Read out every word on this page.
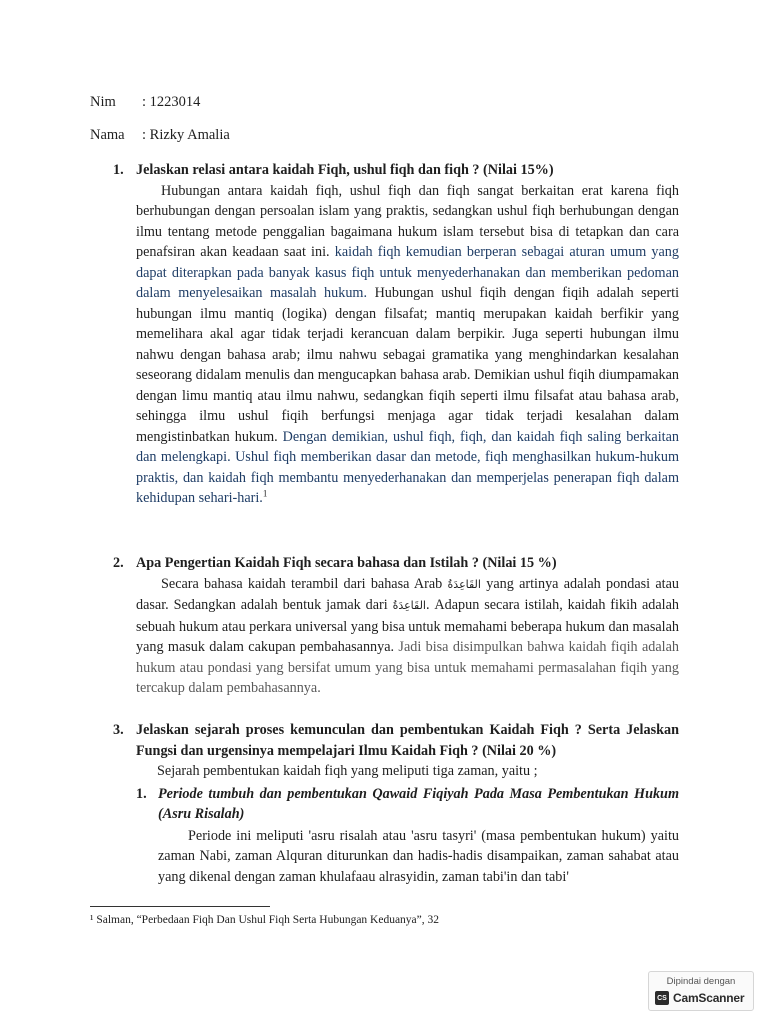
Nim : 1223014
Nama : Rizky Amalia
1. Jelaskan relasi antara kaidah Fiqh, ushul fiqh dan fiqh ? (Nilai 15%)
Hubungan antara kaidah fiqh, ushul fiqh dan fiqh sangat berkaitan erat karena fiqh berhubungan dengan persoalan islam yang praktis, sedangkan ushul fiqh berhubungan dengan ilmu tentang metode penggalian bagaimana hukum islam tersebut bisa di tetapkan dan cara penafsiran akan keadaan saat ini. kaidah fiqh kemudian berperan sebagai aturan umum yang dapat diterapkan pada banyak kasus fiqh untuk menyederhanakan dan memberikan pedoman dalam menyelesaikan masalah hukum. Hubungan ushul fiqih dengan fiqih adalah seperti hubungan ilmu mantiq (logika) dengan filsafat; mantiq merupakan kaidah berfikir yang memelihara akal agar tidak terjadi kerancuan dalam berpikir. Juga seperti hubungan ilmu nahwu dengan bahasa arab; ilmu nahwu sebagai gramatika yang menghindarkan kesalahan seseorang didalam menulis dan mengucapkan bahasa arab. Demikian ushul fiqih diumpamakan dengan limu mantiq atau ilmu nahwu, sedangkan fiqih seperti ilmu filsafat atau bahasa arab, sehingga ilmu ushul fiqih berfungsi menjaga agar tidak terjadi kesalahan dalam mengistinbatkan hukum. Dengan demikian, ushul fiqh, fiqh, dan kaidah fiqh saling berkaitan dan melengkapi. Ushul fiqh memberikan dasar dan metode, fiqh menghasilkan hukum-hukum praktis, dan kaidah fiqh membantu menyederhanakan dan memperjelas penerapan fiqh dalam kehidupan sehari-hari.$^1$
2. Apa Pengertian Kaidah Fiqh secara bahasa dan Istilah ? (Nilai 15 %)
Secara bahasa kaidah terambil dari bahasa Arab القَاعِدَةُ yang artinya adalah pondasi atau dasar. Sedangkan adalah bentuk jamak dari القَاعِدَةُ. Adapun secara istilah, kaidah fikih adalah sebuah hukum atau perkara universal yang bisa untuk memahami beberapa hukum dan masalah yang masuk dalam cakupan pembahasannya. Jadi bisa disimpulkan bahwa kaidah fiqih adalah hukum atau pondasi yang bersifat umum yang bisa untuk memahami permasalahan fiqih yang tercakup dalam pembahasannya.
3. Jelaskan sejarah proses kemunculan dan pembentukan Kaidah Fiqh ? Serta Jelaskan Fungsi dan urgensinya mempelajari Ilmu Kaidah Fiqh ? (Nilai 20 %)
Sejarah pembentukan kaidah fiqh yang meliputi tiga zaman, yaitu ;
1. Periode tumbuh dan pembentukan Qawaid Fiqiyah Pada Masa Pembentukan Hukum (Asru Risalah)
Periode ini meliputi 'asru risalah atau 'asru tasyri' (masa pembentukan hukum) yaitu zaman Nabi, zaman Alquran diturunkan dan hadis-hadis disampaikan, zaman sahabat atau yang dikenal dengan zaman khulafaau alrasyidin, zaman tabi'in dan tabi'
¹ Salman, “Perbedaan Fiqh Dan Ushul Fiqh Serta Hubungan Keduanya”, 32
Dipindai dengan
CS CamScanner
